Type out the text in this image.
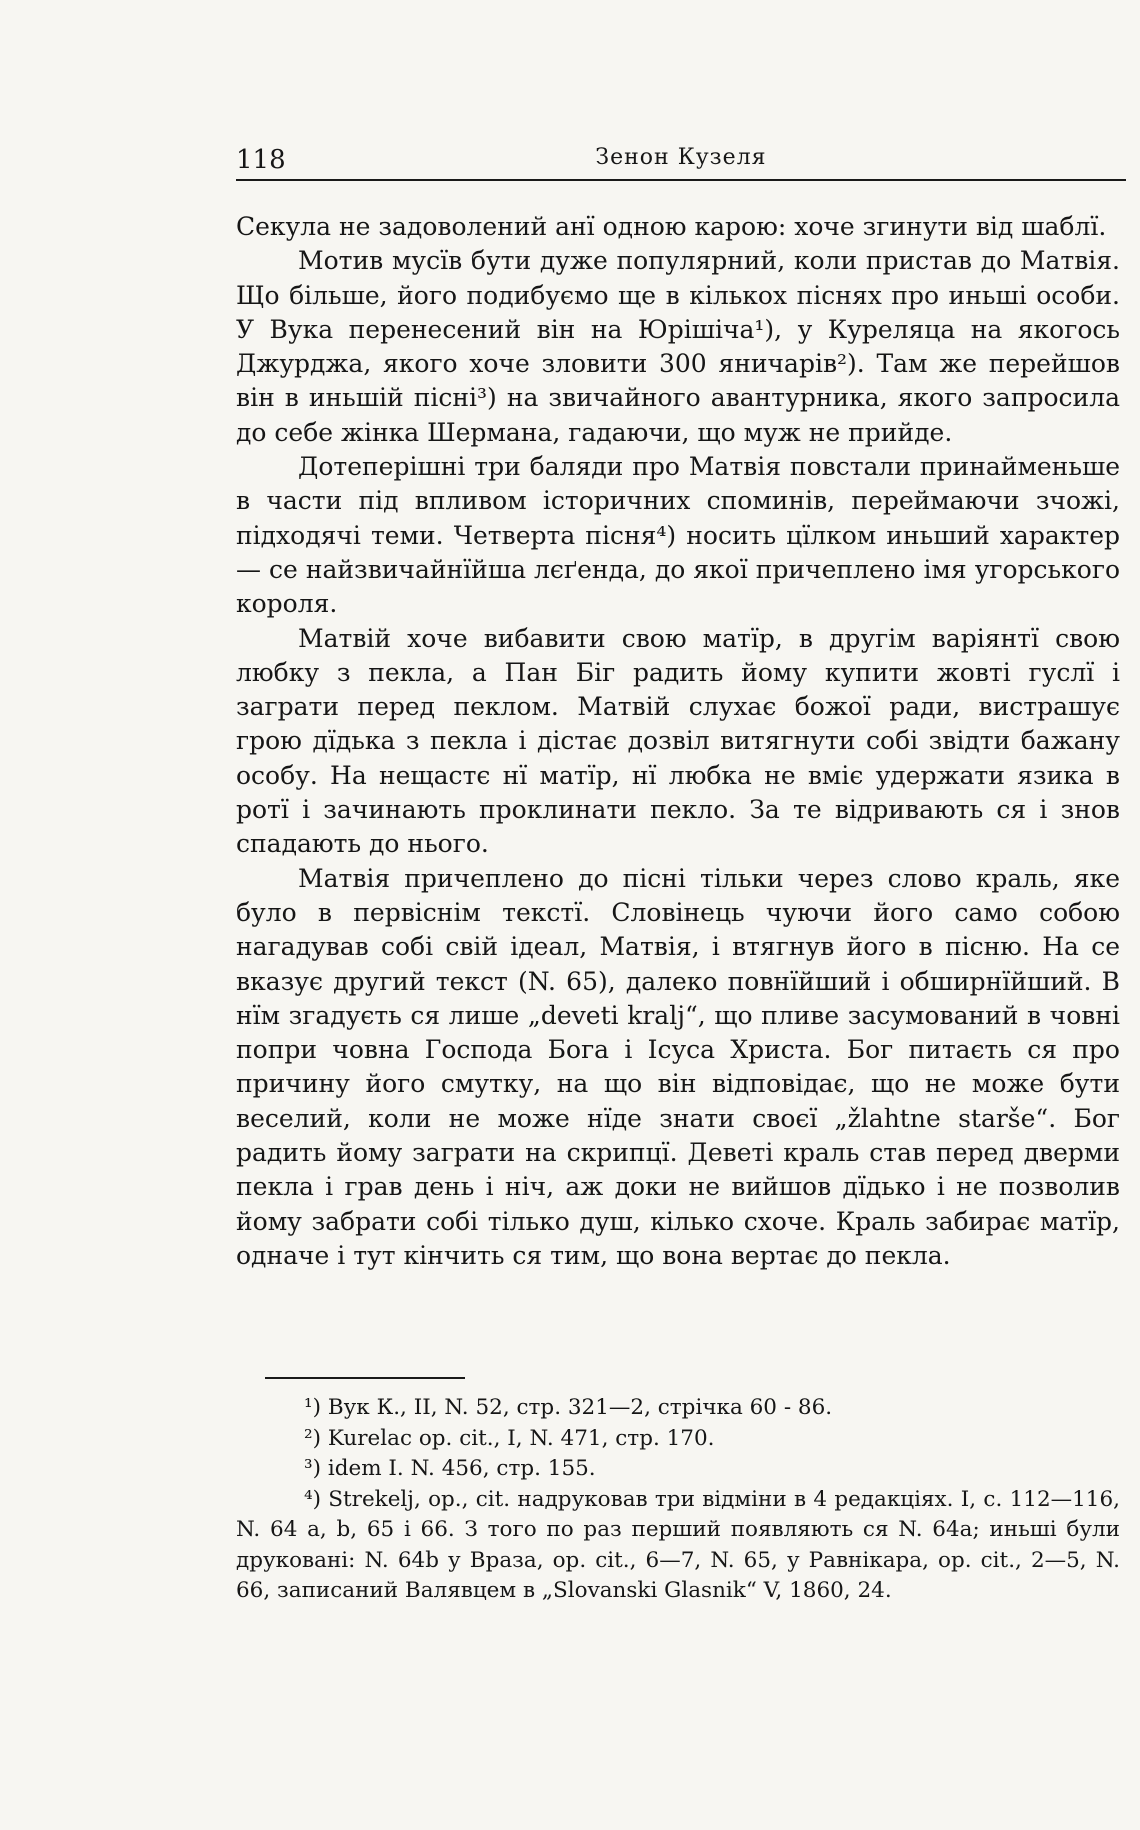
118	Зенон Кузеля

Секула не задоволений анї одною карою: хоче згинути від шаблї.

Мотив мусїв бути дуже популярний, коли пристав до Матвія. Що більше, його подибуємо ще в кількох піснях про иньші особи. У Вука перенесений він на Юрішіча¹), у Куреляца на якогось Джурджа, якого хоче зловити 300 яничарів²). Там же перейшов він в иньшій пісні³) на звичайного авантурника, якого запросила до себе жінка Шермана, гадаючи, що муж не прийде.

Дотеперішні три баляди про Матвія повстали принайменьше в части під впливом історичних споминів, переймаючи зчожі, підходячі теми. Четверта пісня⁴) носить цїлком иньший характер — се найзвичайнїйша лєґенда, до якої причеплено імя угорського короля.

Матвій хоче вибавити свою матїр, в другім варіянтї свою любку з пекла, а Пан Біг радить йому купити жовті гуслї і заграти перед пеклом. Матвій слухає божої ради, вистрашує грою дїдька з пекла і дістає дозвіл витягнути собі звідти бажану особу. На нещастє нї матїр, нї любка не вміє удержати язика в ротї і зачинають проклинати пекло. За те відривають ся і знов спадають до нього.

Матвія причеплено до пісні тільки через слово краль, яке було в первіснім текстї. Словінець чуючи його само собою нагадував собі свій ідеал, Матвія, і втягнув його в пісню. На се вказує другий текст (N. 65), далеко повнїйший і обширнїйший. В нїм згадуєть ся лише „deveti kralj“, що пливе засумований в човні попри човна Господа Бога і Ісуса Христа. Бог питаєть ся про причину його смутку, на що він відповідає, що не може бути веселий, коли не може нїде знати своєї „žlahtne starše“. Бог радить йому заграти на скрипцї. Деветі краль став перед дверми пекла і грав день і ніч, аж доки не вийшов дїдько і не позволив йому забрати собі тілько душ, кілько схоче. Краль забирає матїр, одначе і тут кінчить ся тим, що вона вертає до пекла.

¹) Вук К., II, N. 52, стр. 321—2, стрічка 60 - 86.

²) Kurelac op. cit., I, N. 471, стр. 170.

³) idem I. N. 456, стр. 155.

⁴) Strekelj, op., cit. надруковав три відміни в 4 редакціях. I, с. 112—116, N. 64 a, b, 65 i 66. З того по раз перший появляють ся N. 64a; иньші були друковані: N. 64b у Враза, op. cit., 6—7, N. 65, у Равнікара, op. cit., 2—5, N. 66, записаний Валявцем в „Slovanski Glasnik“ V, 1860, 24.
